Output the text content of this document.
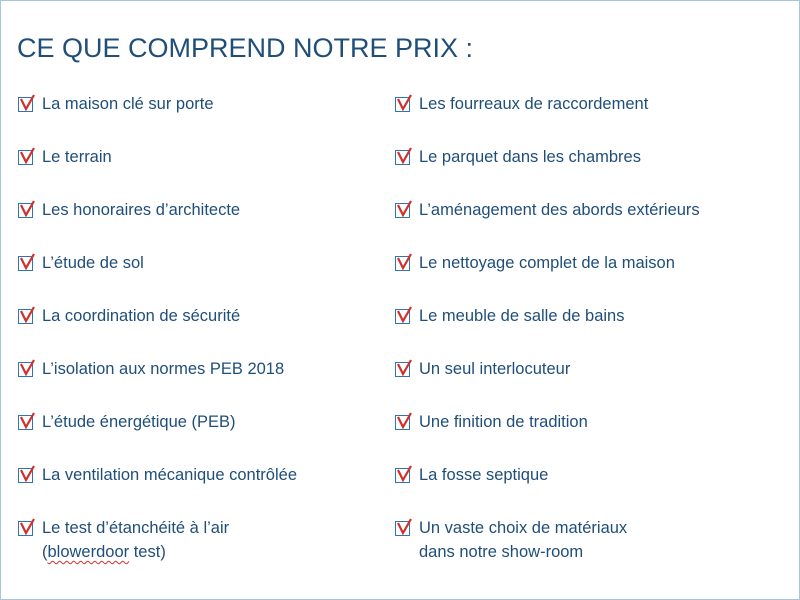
CE QUE COMPREND NOTRE PRIX :
La maison clé sur porte
Le terrain
Les honoraires d’architecte
L’étude de sol
La coordination de sécurité
L’isolation aux normes PEB 2018
L’étude énergétique (PEB)
La ventilation mécanique contrôlée
Le test d’étanchéité à l’air
(blowerdoor test)
Les fourreaux de raccordement
Le parquet dans les chambres
L’aménagement des abords extérieurs
Le nettoyage complet de la maison
Le meuble de salle de bains
Un seul interlocuteur
Une finition de tradition
La fosse septique
Un vaste choix de matériaux
dans notre show-room
